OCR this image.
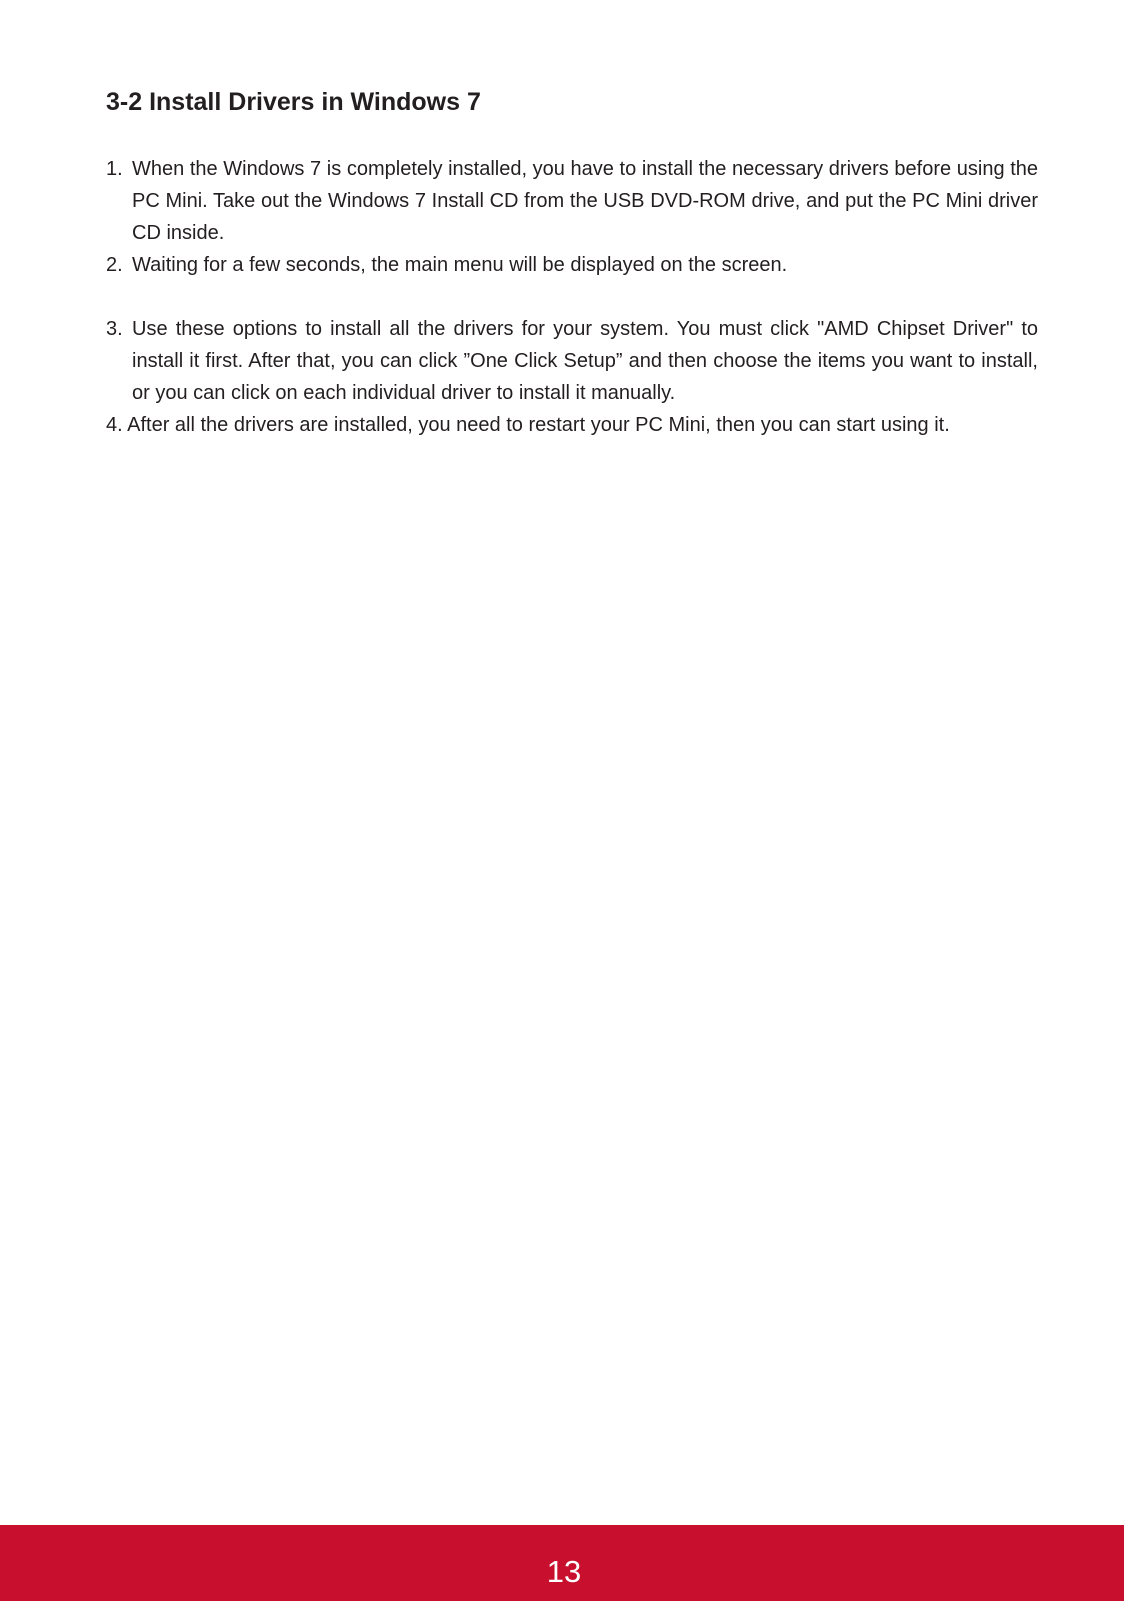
3-2 Install Drivers in Windows 7
1. When the Windows 7 is completely installed, you have to install the necessary drivers before using the PC Mini. Take out the Windows 7 Install CD from the USB DVD-ROM drive, and put the PC Mini driver CD inside.
2. Waiting for a few seconds, the main menu will be displayed on the screen.
3. Use these options to install all the drivers for your system. You must click "AMD Chipset Driver" to install it first. After that, you can click ”One Click Setup” and then choose the items you want to install, or you can click on each individual driver to install it manually.
4. After all the drivers are installed, you need to restart your PC Mini, then you can start using it.
13
